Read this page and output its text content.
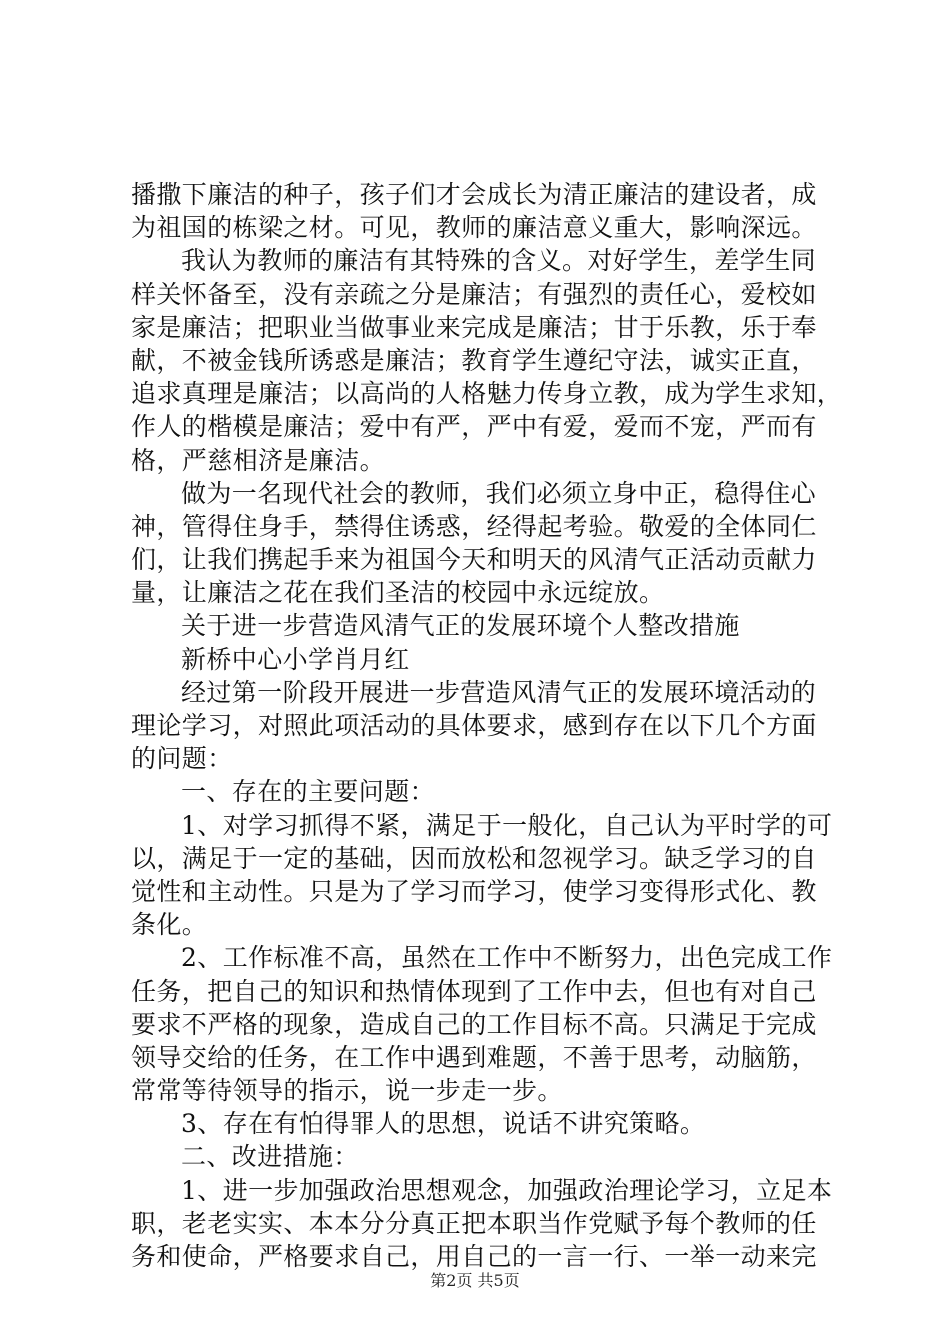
播撒下廉洁的种子，孩子们才会成长为清正廉洁的建设者，成
为祖国的栋梁之材。可见，教师的廉洁意义重大，影响深远。
我认为教师的廉洁有其特殊的含义。对好学生，差学生同
样关怀备至，没有亲疏之分是廉洁；有强烈的责任心，爱校如
家是廉洁；把职业当做事业来完成是廉洁；甘于乐教，乐于奉
献，不被金钱所诱惑是廉洁；教育学生遵纪守法，诚实正直，
追求真理是廉洁；以高尚的人格魅力传身立教，成为学生求知，
作人的楷模是廉洁；爱中有严，严中有爱，爱而不宠，严而有
格，严慈相济是廉洁。
做为一名现代社会的教师，我们必须立身中正，稳得住心
神，管得住身手，禁得住诱惑，经得起考验。敬爱的全体同仁
们，让我们携起手来为祖国今天和明天的风清气正活动贡献力
量，让廉洁之花在我们圣洁的校园中永远绽放。
关于进一步营造风清气正的发展环境个人整改措施
新桥中心小学肖月红
经过第一阶段开展进一步营造风清气正的发展环境活动的
理论学习，对照此项活动的具体要求，感到存在以下几个方面
的问题：
一、存在的主要问题：
1、对学习抓得不紧，满足于一般化，自己认为平时学的可
以，满足于一定的基础，因而放松和忽视学习。缺乏学习的自
觉性和主动性。只是为了学习而学习，使学习变得形式化、教
条化。
2、工作标准不高，虽然在工作中不断努力，出色完成工作
任务，把自己的知识和热情体现到了工作中去，但也有对自己
要求不严格的现象，造成自己的工作目标不高。只满足于完成
领导交给的任务，在工作中遇到难题，不善于思考，动脑筋，
常常等待领导的指示，说一步走一步。
3、存在有怕得罪人的思想，说话不讲究策略。
二、改进措施：
1、进一步加强政治思想观念，加强政治理论学习，立足本
职，老老实实、本本分分真正把本职当作党赋予每个教师的任
务和使命，严格要求自己，用自己的一言一行、一举一动来完
第2页 共5页
